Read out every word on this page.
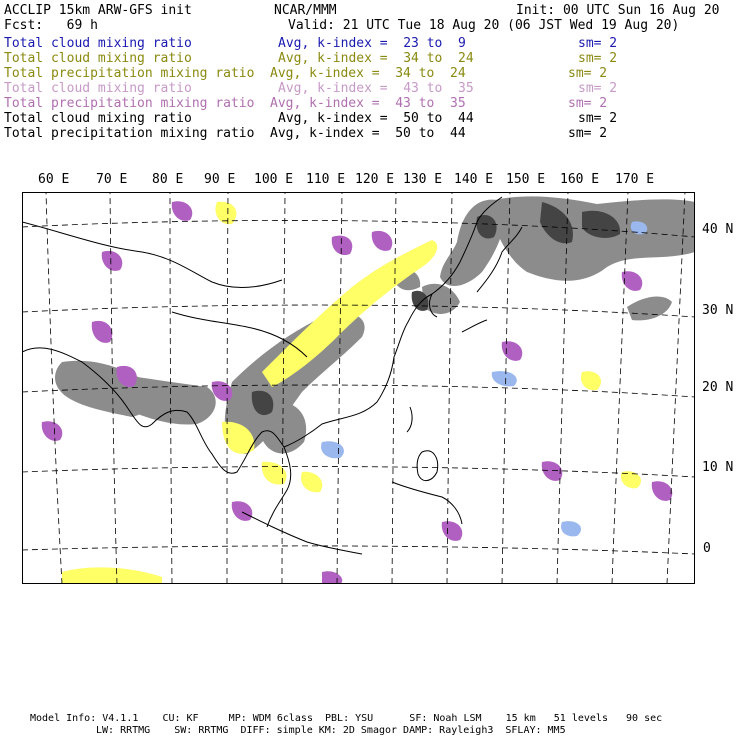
ACCLIP 15km ARW-GFS init	NCAR/MMM	Init: 00 UTC Sun 16 Aug 20
Fcst:   69 h	Valid: 21 UTC Tue 18 Aug 20 (06 JST Wed 19 Aug 20)
Total cloud mixing ratio	Avg, k-index =  23 to  9	sm= 2
Total cloud mixing ratio	Avg, k-index =  34 to  24	sm= 2
Total precipitation mixing ratio Avg, k-index =  34 to  24	sm= 2
Total cloud mixing ratio	Avg, k-index =  43 to  35	sm= 2
Total precipitation mixing ratio Avg, k-index =  43 to  35	sm= 2
Total cloud mixing ratio	Avg, k-index =  50 to  44	sm= 2
Total precipitation mixing ratio Avg, k-index =  50 to  44	sm= 2
60 E 70 E 80 E 90 E 100 E 110 E 120 E 130 E 140 E 150 E 160 E 170 E
40 N
30 N
20 N
10 N
0
Model Info: V4.1.1    CU: KF     MP: WDM 6class  PBL: YSU      SF: Noah LSM    15 km   51 levels   90 sec
LW: RRTMG    SW: RRTMG  DIFF: simple KM: 2D Smagor DAMP: Rayleigh3  SFLAY: MM5
